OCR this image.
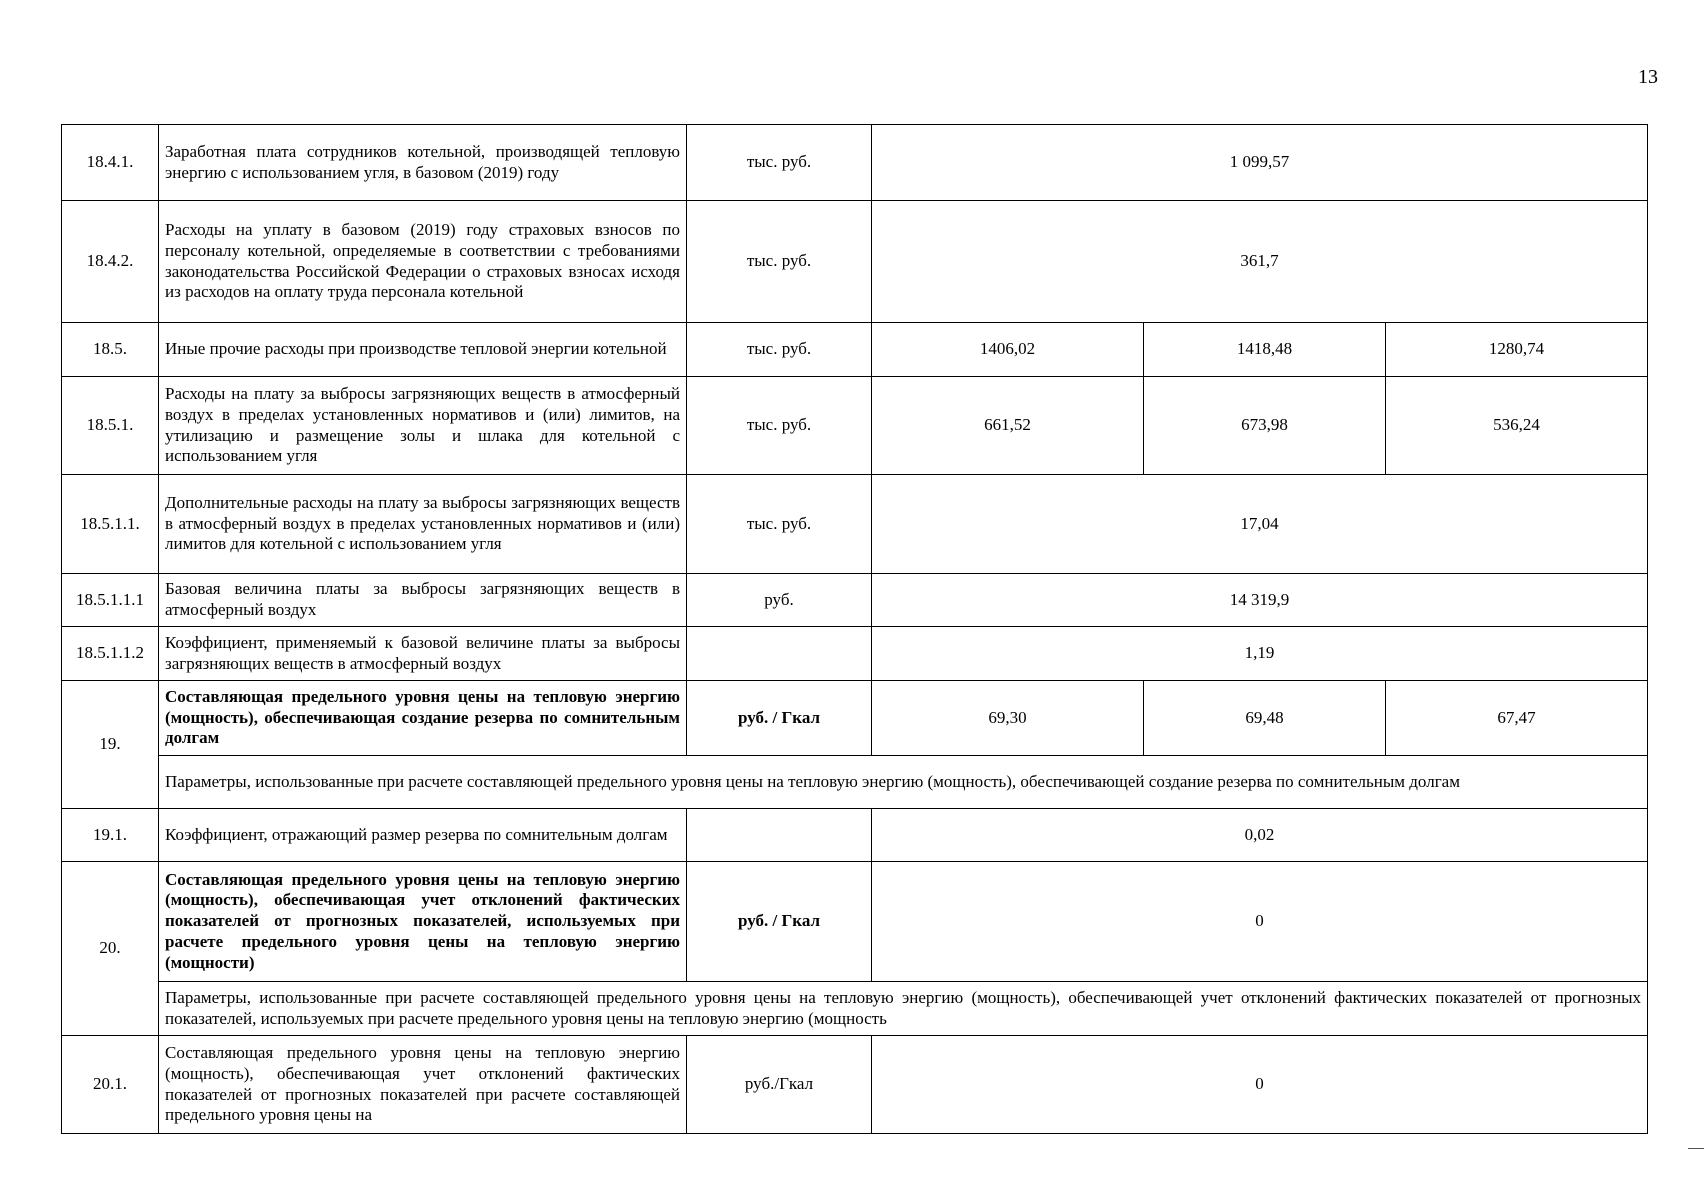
13
18.4.1.	Заработная плата сотрудников котельной, производящей тепловую энергию с использованием угля, в базовом (2019) году	тыс. руб.	1 099,57		
18.4.2.	Расходы на уплату в базовом (2019) году страховых взносов по персоналу котельной, определяемые в соответствии с требованиями законодательства Российской Федерации о страховых взносах исходя из расходов на оплату труда персонала котельной	тыс. руб.	361,7		
18.5.	Иные прочие расходы при производстве тепловой энергии котельной	тыс. руб.	1406,02	1418,48	1280,74
18.5.1.	Расходы на плату за выбросы загрязняющих веществ в атмосферный воздух в пределах установленных нормативов и (или) лимитов, на утилизацию и размещение золы и шлака для котельной с использованием угля	тыс. руб.	661,52	673,98	536,24
18.5.1.1.	Дополнительные расходы на плату за выбросы загрязняющих веществ в атмосферный воздух в пределах установленных нормативов и (или) лимитов для котельной с использованием угля	тыс. руб.	17,04		
18.5.1.1.1	Базовая величина платы за выбросы загрязняющих веществ в атмосферный воздух	руб.	14 319,9		
18.5.1.1.2	Коэффициент, применяемый к базовой величине платы за выбросы загрязняющих веществ в атмосферный воздух		1,19		
19.	Составляющая предельного уровня цены на тепловую энергию (мощность), обеспечивающая создание резерва по сомнительным долгам	руб. / Гкал	69,30	69,48	67,47
	Параметры, использованные при расчете составляющей предельного уровня цены на тепловую энергию (мощность), обеспечивающей создание резерва по сомнительным долгам				
19.1.	Коэффициент, отражающий размер резерва по сомнительным долгам		0,02		
20.	Составляющая предельного уровня цены на тепловую энергию (мощность), обеспечивающая учет отклонений фактических показателей от прогнозных показателей, используемых при расчете предельного уровня цены на тепловую энергию (мощности)	руб. / Гкал	0		
	Параметры, использованные при расчете составляющей предельного уровня цены на тепловую энергию (мощность), обеспечивающей учет отклонений фактических показателей от прогнозных показателей, используемых при расчете предельного уровня цены на тепловую энергию (мощность				
20.1.	Составляющая предельного уровня цены на тепловую энергию (мощность), обеспечивающая учет отклонений фактических показателей от прогнозных показателей при расчете составляющей предельного уровня цены на	руб./Гкал	0		
